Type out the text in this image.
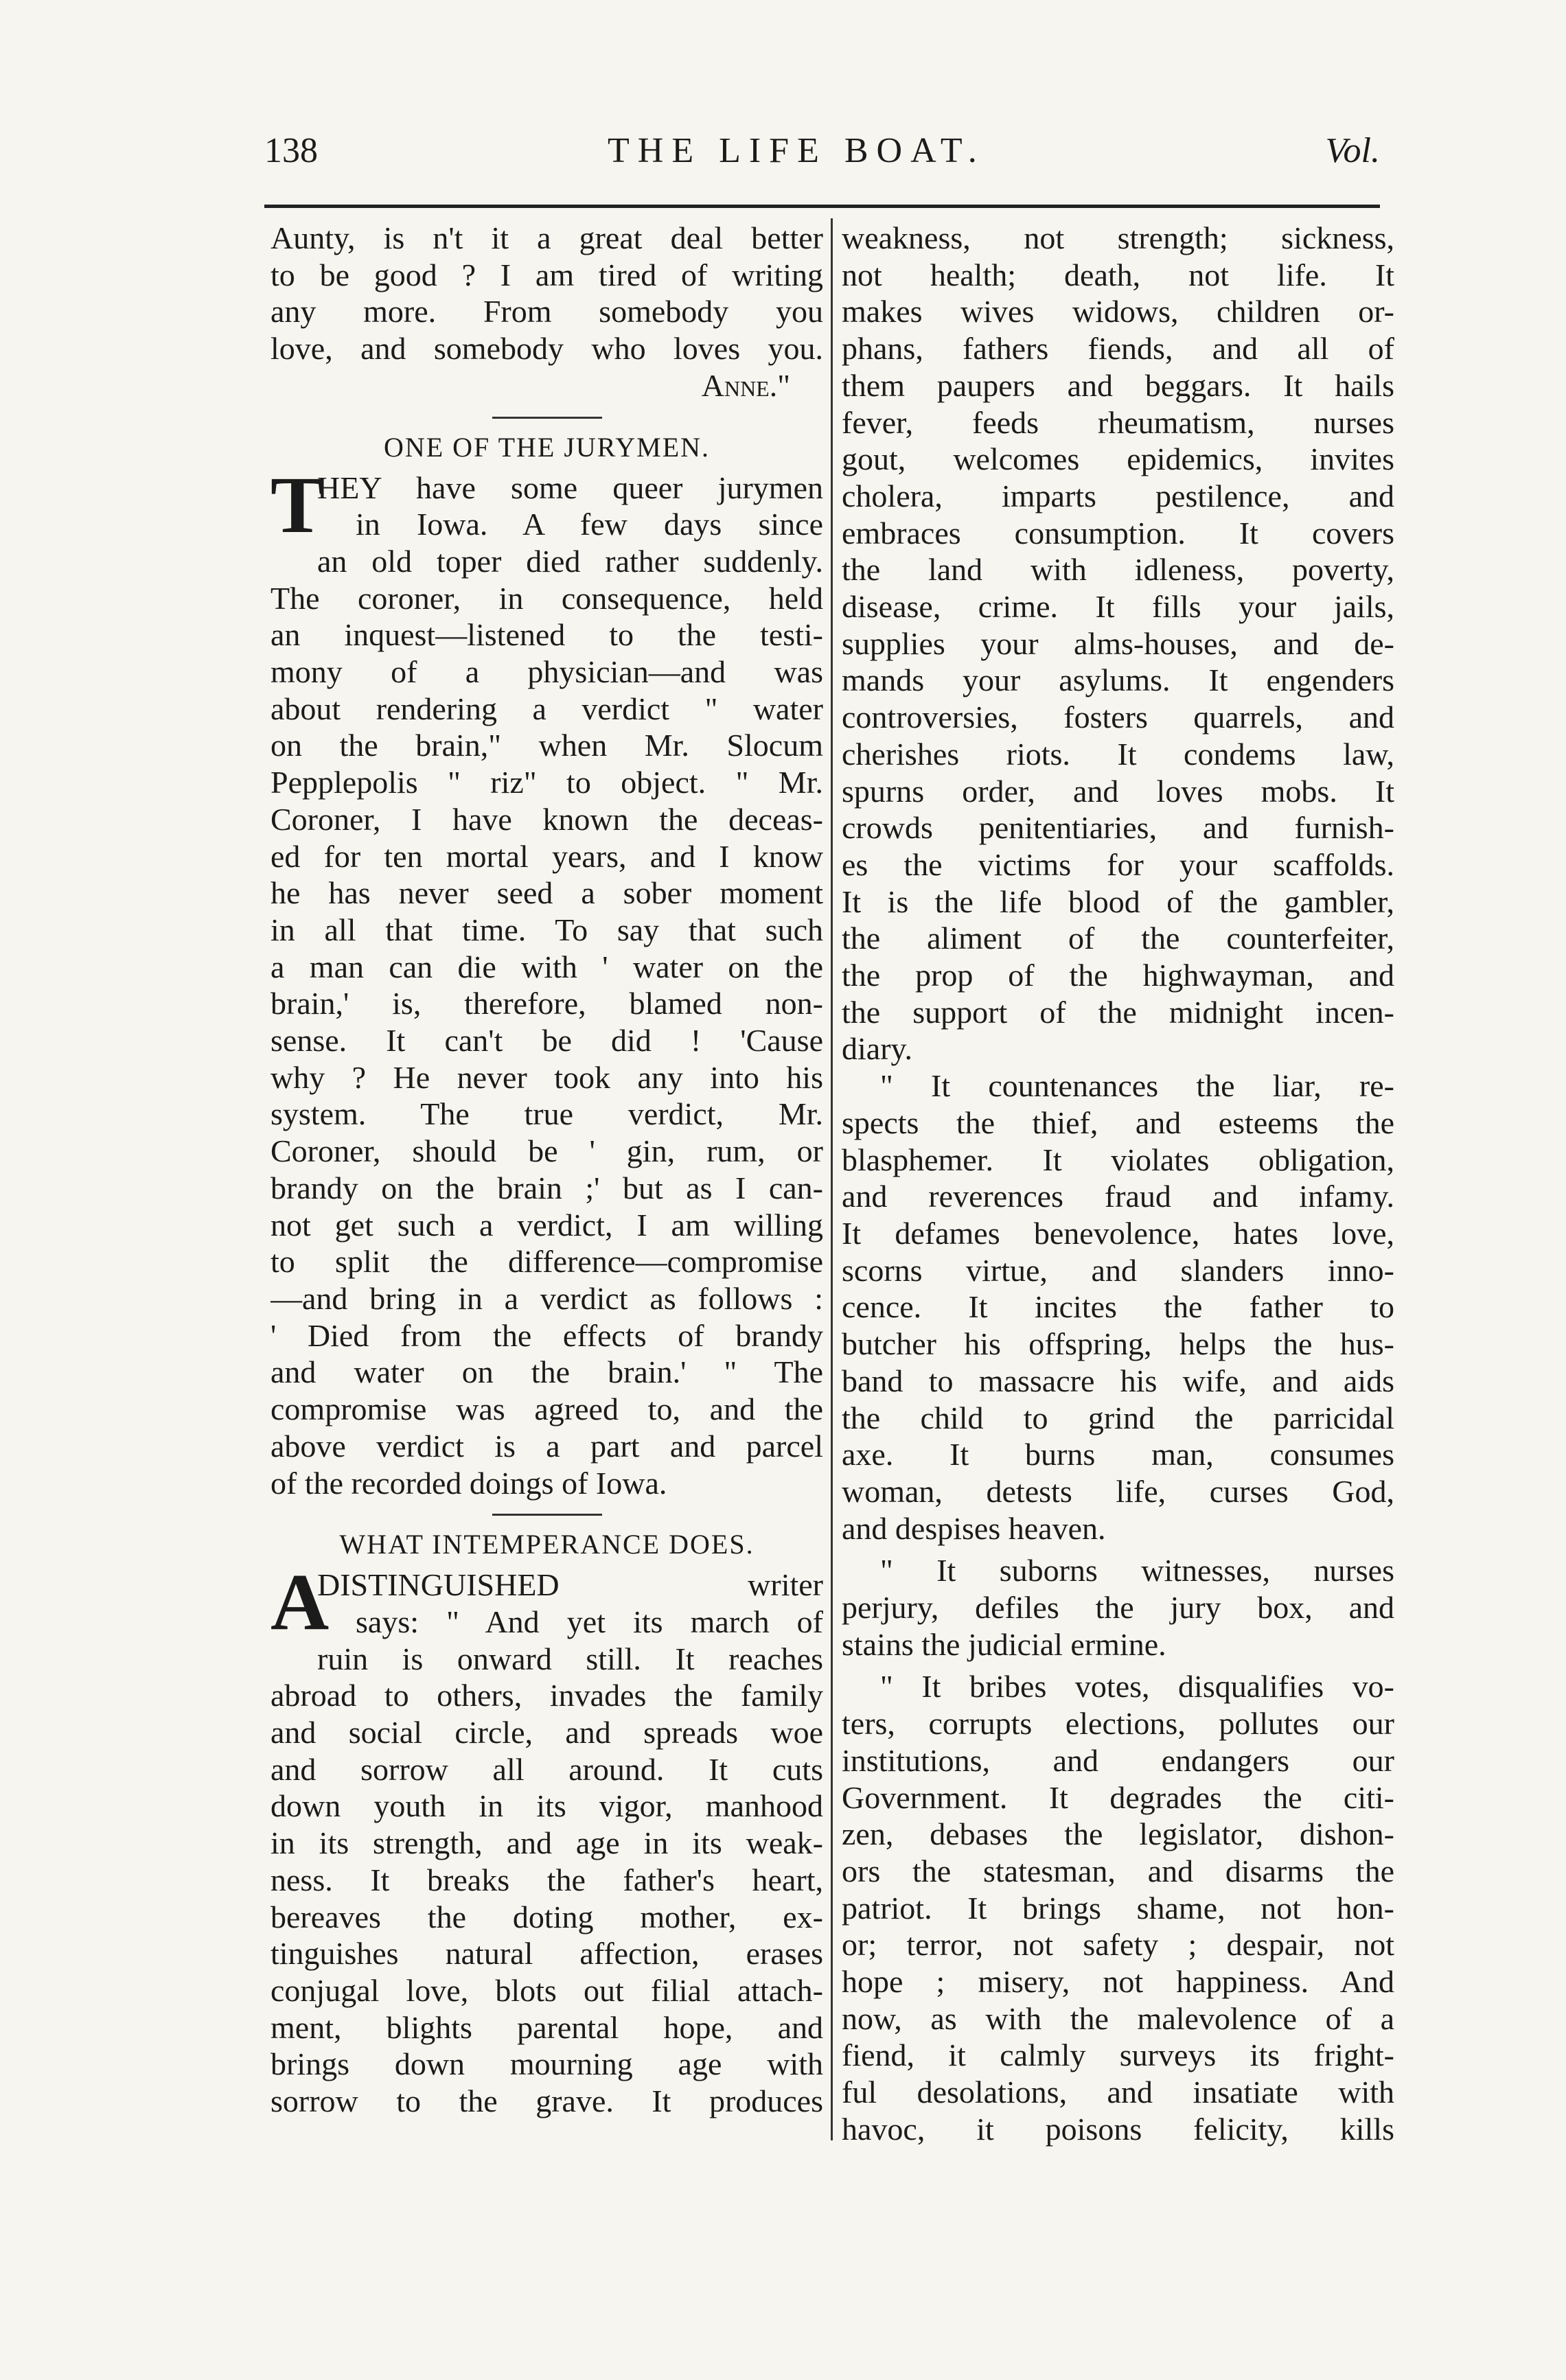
138	THE LIFE BOAT.	Vol.
Aunty, is n't it a great deal better
to be good ? I am tired of writing
any more. From somebody you
love, and somebody who loves you.
Anne."
ONE OF THE JURYMEN.
T
HEY have some queer jurymen
in Iowa. A few days since
an old toper died rather suddenly.
The coroner, in consequence, held
an inquest—listened to the testi-
mony of a physician—and was
about rendering a verdict " water
on the brain," when Mr. Slocum
Pepplepolis " riz" to object. " Mr.
Coroner, I have known the deceas-
ed for ten mortal years, and I know
he has never seed a sober moment
in all that time. To say that such
a man can die with ' water on the
brain,' is, therefore, blamed non-
sense. It can't be did ! 'Cause
why ? He never took any into his
system. The true verdict, Mr.
Coroner, should be ' gin, rum, or
brandy on the brain ;' but as I can-
not get such a verdict, I am willing
to split the difference—compromise
—and bring in a verdict as follows :
' Died from the effects of brandy
and water on the brain.' " The
compromise was agreed to, and the
above verdict is a part and parcel
of the recorded doings of Iowa.
WHAT INTEMPERANCE DOES.
A
DISTINGUISHED writer
says: " And yet its march of
ruin is onward still. It reaches
abroad to others, invades the family
and social circle, and spreads woe
and sorrow all around. It cuts
down youth in its vigor, manhood
in its strength, and age in its weak-
ness. It breaks the father's heart,
bereaves the doting mother, ex-
tinguishes natural affection, erases
conjugal love, blots out filial attach-
ment, blights parental hope, and
brings down mourning age with
sorrow to the grave. It produces
weakness, not strength; sickness,
not health; death, not life. It
makes wives widows, children or-
phans, fathers fiends, and all of
them paupers and beggars. It hails
fever, feeds rheumatism, nurses
gout, welcomes epidemics, invites
cholera, imparts pestilence, and
embraces consumption. It covers
the land with idleness, poverty,
disease, crime. It fills your jails,
supplies your alms-houses, and de-
mands your asylums. It engenders
controversies, fosters quarrels, and
cherishes riots. It condems law,
spurns order, and loves mobs. It
crowds penitentiaries, and furnish-
es the victims for your scaffolds.
It is the life blood of the gambler,
the aliment of the counterfeiter,
the prop of the highwayman, and
the support of the midnight incen-
diary.
" It countenances the liar, re-
spects the thief, and esteems the
blasphemer. It violates obligation,
and reverences fraud and infamy.
It defames benevolence, hates love,
scorns virtue, and slanders inno-
cence. It incites the father to
butcher his offspring, helps the hus-
band to massacre his wife, and aids
the child to grind the parricidal
axe. It burns man, consumes
woman, detests life, curses God,
and despises heaven.
" It suborns witnesses, nurses
perjury, defiles the jury box, and
stains the judicial ermine.
" It bribes votes, disqualifies vo-
ters, corrupts elections, pollutes our
institutions, and endangers our
Government. It degrades the citi-
zen, debases the legislator, dishon-
ors the statesman, and disarms the
patriot. It brings shame, not hon-
or; terror, not safety ; despair, not
hope ; misery, not happiness. And
now, as with the malevolence of a
fiend, it calmly surveys its fright-
ful desolations, and insatiate with
havoc, it poisons felicity, kills
